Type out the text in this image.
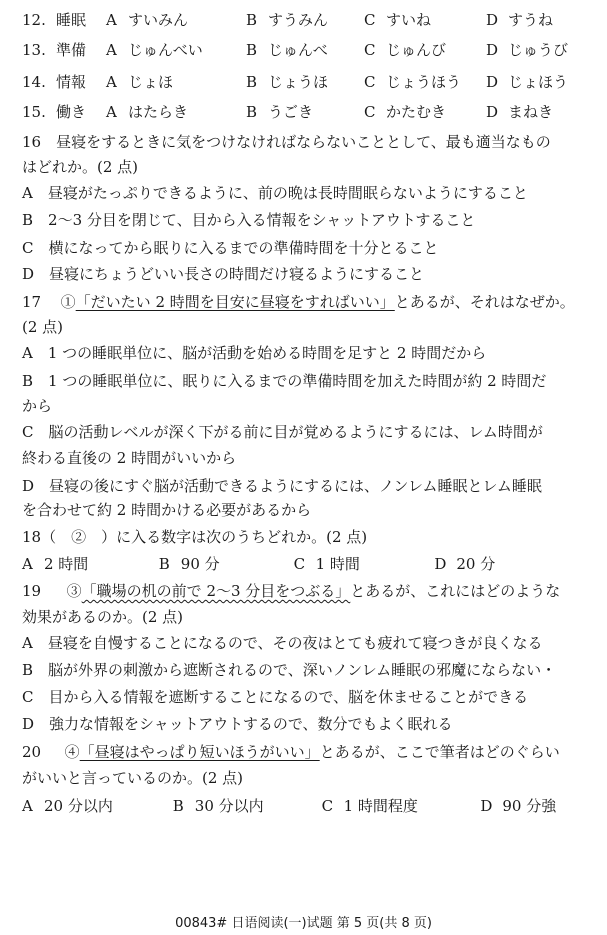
12. 睡眠	A すいみん	B すうみん	C すいね	D すうね
13. 準備	A じゅんべい	B じゅんべ	C じゅんび	D じゅうび
14. 情報	A じょほ	B じょうほ	C じょうほう	D じょほう
15. 働き	A はたらき	B うごき	C かたむき	D まねき
16　昼寝をするときに気をつけなければならないこととして、最も適当なもの
はどれか。(2 点)
A　昼寝がたっぷりできるように、前の晩は長時間眠らないようにすること
B　2～3 分目を閉じて、目から入る情報をシャットアウトすること
C　横になってから眠りに入るまでの準備時間を十分とること
D　昼寝にちょうどいい長さの時間だけ寝るようにすること
17 ①「だいたい 2 時間を目安に昼寝をすればいい」とあるが、それはなぜか。
(2 点)
A　1 つの睡眠単位に、脳が活動を始める時間を足すと 2 時間だから
B　1 つの睡眠単位に、眠りに入るまでの準備時間を加えた時間が約 2 時間だ
から
C　脳の活動レベルが深く下がる前に目が覚めるようにするには、レム時間が
終わる直後の 2 時間がいいから
D　昼寝の後にすぐ脳が活動できるようにするには、ノンレム睡眠とレム睡眠
を合わせて約 2 時間かける必要があるから
18（　②　）に入る数字は次のうちどれか。(2 点)
A 2 時間	B 90 分	C 1 時間	D 20 分
19 ③「職場の机の前で 2～3 分目をつぶる」とあるが、これにはどのような
効果があるのか。(2 点)
A　昼寝を自慢することになるので、その夜はとても疲れて寝つきが良くなる
B　脳が外界の刺激から遮断されるので、深いノンレム睡眠の邪魔にならない・
C　目から入る情報を遮断することになるので、脳を休ませることができる
D　強力な情報をシャットアウトするので、数分でもよく眠れる
20 ④「昼寝はやっぱり短いほうがいい」とあるが、ここで筆者はどのぐらい
がいいと言っているのか。(2 点)
A 20 分以内	B 30 分以内	C 1 時間程度	D 90 分強
00843# 日语阅读(一)试题 第 5 页(共 8 页)
